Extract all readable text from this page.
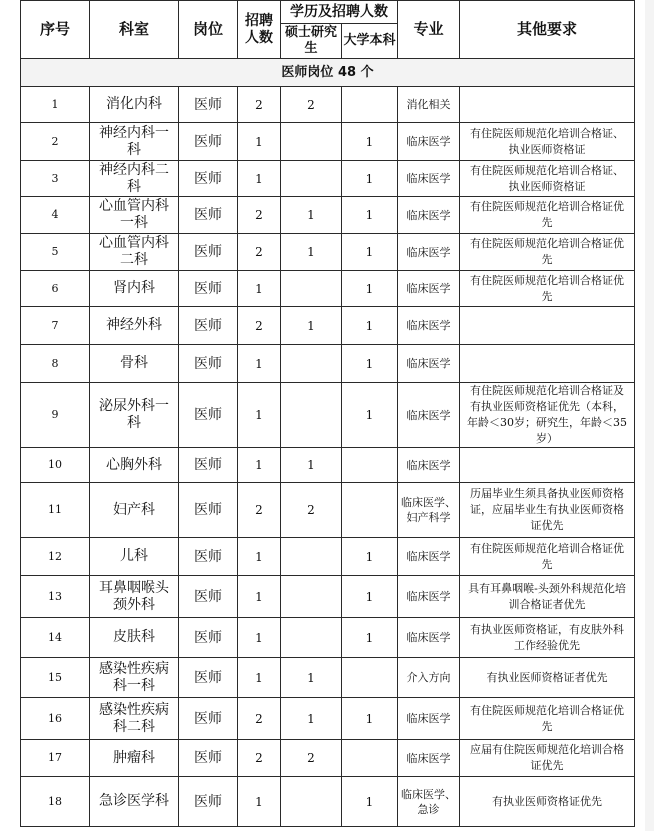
序号	科室	岗位	招聘人数	学历及招聘人数		专业	其他要求
				硕士研究生	大学本科		
医师岗位 48 个							
1	消化内科	医师	2	2		消化相关	
2	神经内科一科	医师	1		1	临床医学	有住院医师规范化培训合格证、执业医师资格证
3	神经内科二科	医师	1		1	临床医学	有住院医师规范化培训合格证、执业医师资格证
4	心血管内科一科	医师	2	1	1	临床医学	有住院医师规范化培训合格证优先
5	心血管内科二科	医师	2	1	1	临床医学	有住院医师规范化培训合格证优先
6	肾内科	医师	1		1	临床医学	有住院医师规范化培训合格证优先
7	神经外科	医师	2	1	1	临床医学	
8	骨科	医师	1		1	临床医学	
9	泌尿外科一科	医师	1		1	临床医学	有住院医师规范化培训合格证及有执业医师资格证优先（本科，年龄＜30岁；研究生，年龄＜35岁）
10	心胸外科	医师	1	1		临床医学	
11	妇产科	医师	2	2		临床医学、妇产科学	历届毕业生须具备执业医师资格证，应届毕业生有执业医师资格证优先
12	儿科	医师	1		1	临床医学	有住院医师规范化培训合格证优先
13	耳鼻咽喉头颈外科	医师	1		1	临床医学	具有耳鼻咽喉-头颈外科规范化培训合格证者优先
14	皮肤科	医师	1		1	临床医学	有执业医师资格证，有皮肤外科工作经验优先
15	感染性疾病科一科	医师	1	1		介入方向	有执业医师资格证者优先
16	感染性疾病科二科	医师	2	1	1	临床医学	有住院医师规范化培训合格证优先
17	肿瘤科	医师	2	2		临床医学	应届有住院医师规范化培训合格证优先
18	急诊医学科	医师	1		1	临床医学、急诊	有执业医师资格证优先
